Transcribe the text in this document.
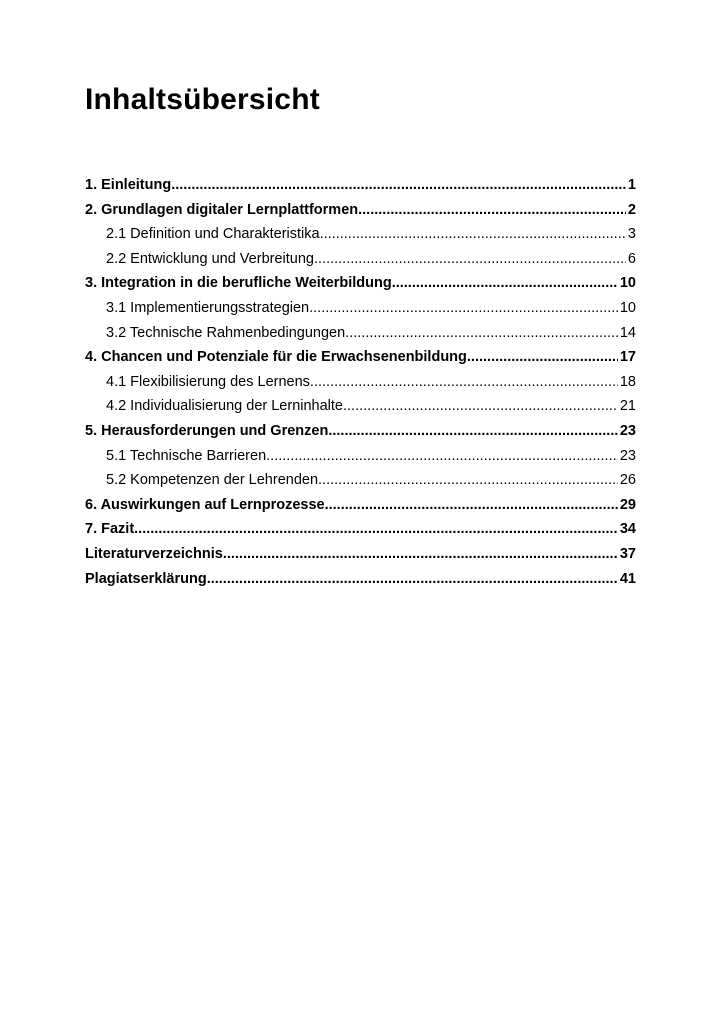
Inhaltsübersicht
1. Einleitung .....	1
2. Grundlagen digitaler Lernplattformen .....	2
2.1 Definition und Charakteristika .....	3
2.2 Entwicklung und Verbreitung .....	6
3. Integration in die berufliche Weiterbildung .....	10
3.1 Implementierungsstrategien .....	10
3.2 Technische Rahmenbedingungen .....	14
4. Chancen und Potenziale für die Erwachsenenbildung .....	17
4.1 Flexibilisierung des Lernens .....	18
4.2 Individualisierung der Lerninhalte .....	21
5. Herausforderungen und Grenzen .....	23
5.1 Technische Barrieren .....	23
5.2 Kompetenzen der Lehrenden .....	26
6. Auswirkungen auf Lernprozesse .....	29
7. Fazit .....	34
Literaturverzeichnis .....	37
Plagiatserklärung .....	41
